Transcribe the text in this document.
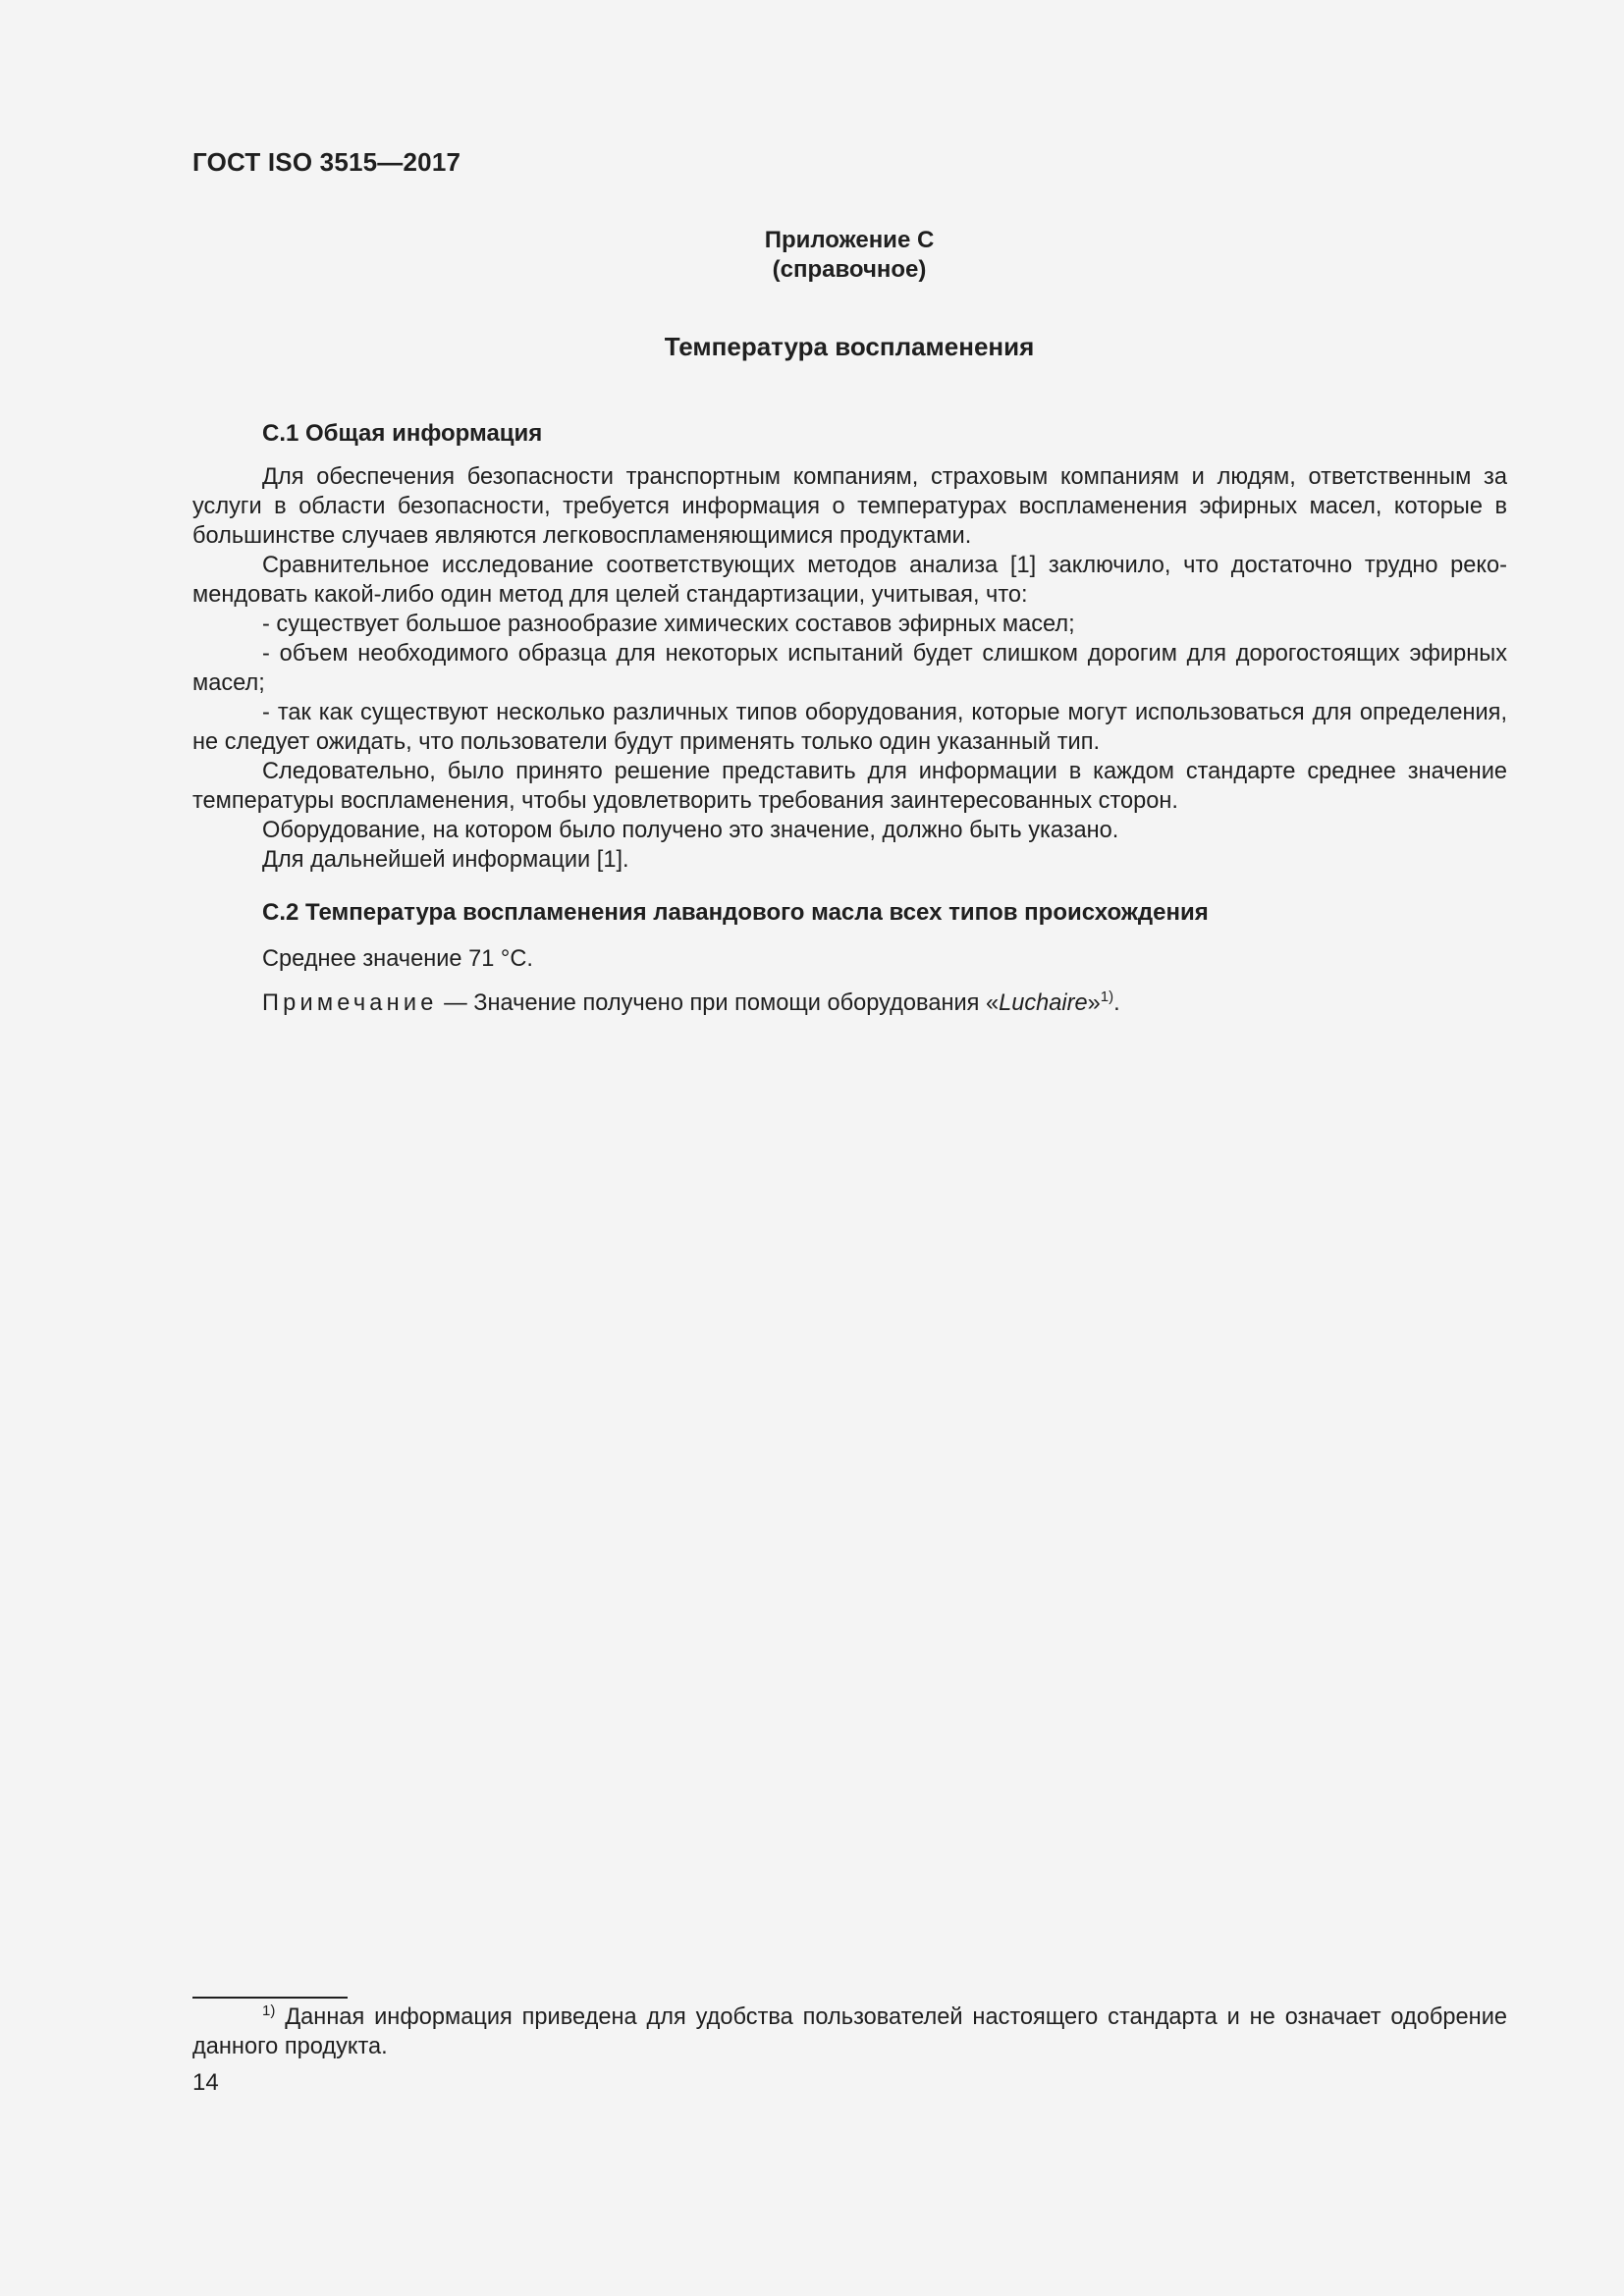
ГОСТ ISO 3515—2017
Приложение С
(справочное)
Температура воспламенения
С.1 Общая информация

Для обеспечения безопасности транспортным компаниям, страховым компаниям и людям, ответственным за услуги в области безопасности, требуется информация о температурах воспламенения эфирных масел, которые в большинстве случаев являются легковоспламеняющимися продуктами.

Сравнительное исследование соответствующих методов анализа [1] заключило, что достаточно трудно рекомендовать какой-либо один метод для целей стандартизации, учитывая, что:

- существует большое разнообразие химических составов эфирных масел;

- объем необходимого образца для некоторых испытаний будет слишком дорогим для дорогостоящих эфирных масел;

- так как существуют несколько различных типов оборудования, которые могут использоваться для определения, не следует ожидать, что пользователи будут применять только один указанный тип.

Следовательно, было принято решение представить для информации в каждом стандарте среднее значение температуры воспламенения, чтобы удовлетворить требования заинтересованных сторон.

Оборудование, на котором было получено это значение, должно быть указано.

Для дальнейшей информации [1].

С.2 Температура воспламенения лавандового масла всех типов происхождения

Среднее значение 71 °С.

Примечание — Значение получено при помощи оборудования «Luchaire»$^{1)}$.

$^{1)}$ Данная информация приведена для удобства пользователей настоящего стандарта и не означает одобрение данного продукта.

14
